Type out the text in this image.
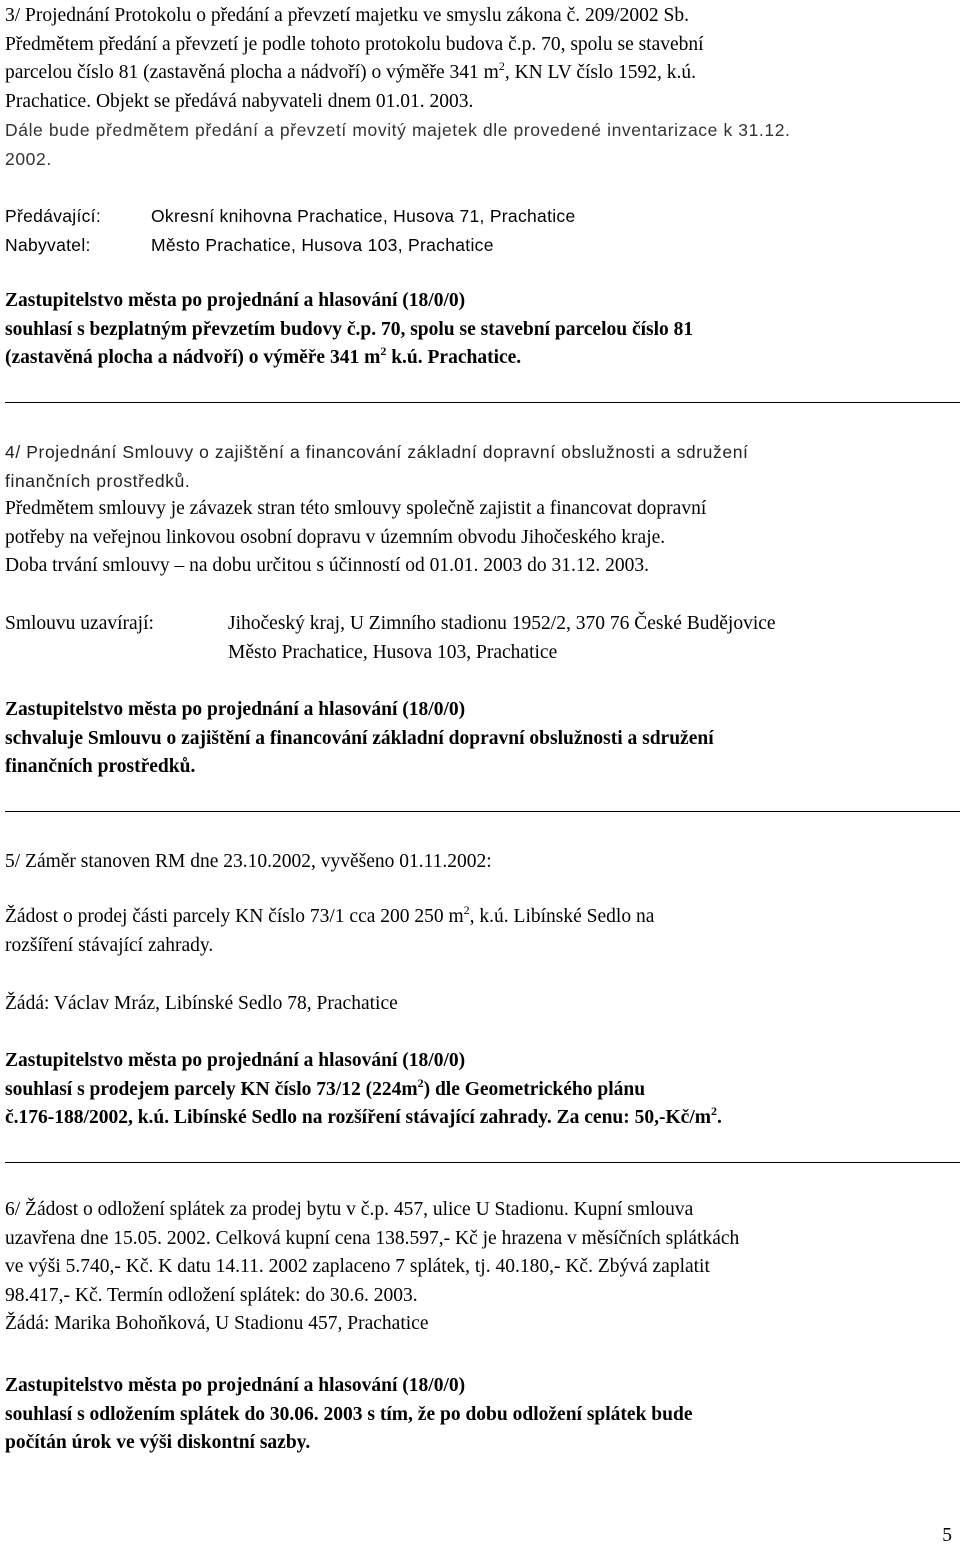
3/ Projednání Protokolu o předání a převzetí majetku ve smyslu zákona č. 209/2002 Sb.

Předmětem předání a převzetí je podle tohoto protokolu budova č.p. 70, spolu se stavební

parcelou číslo 81 (zastavěná plocha a nádvoří) o výměře 341 $m^2$, KN LV číslo 1592, k.ú.

Prachatice. Objekt se předává nabyvateli dnem 01.01. 2003.

Dále bude předmětem předání a převzetí movitý majetek dle provedené inventarizace k 31.12.

2002.

Předávající:	Okresní knihovna Prachatice, Husova 71, Prachatice
Nabyvatel:	Město Prachatice, Husova 103, Prachatice

Zastupitelstvo města po projednání a hlasování (18/0/0)

souhlasí s bezplatným převzetím budovy č.p. 70, spolu se stavební parcelou číslo 81

(zastavěná plocha a nádvoří) o výměře 341 $m^2$ k.ú. Prachatice.

4/ Projednání Smlouvy o zajištění a financování základní dopravní obslužnosti a sdružení

finančních prostředků.

Předmětem smlouvy je závazek stran této smlouvy společně zajistit a financovat dopravní

potřeby na veřejnou linkovou osobní dopravu v územním obvodu Jihočeského kraje.

Doba trvání smlouvy – na dobu určitou s účinností od 01.01. 2003 do 31.12. 2003.

Smlouvu uzavírají:	Jihočeský kraj, U Zimního stadionu 1952/2, 370 76 České Budějovice
Město Prachatice, Husova 103, Prachatice

Zastupitelstvo města po projednání a hlasování (18/0/0)

schvaluje Smlouvu o zajištění a financování základní dopravní obslužnosti a sdružení

finančních prostředků.

5/ Záměr stanoven RM dne 23.10.2002, vyvěšeno 01.11.2002:

Žádost o prodej části parcely KN číslo 73/1 cca 200 250 $m^2$, k.ú. Libínské Sedlo na

rozšíření stávající zahrady.

Žádá: Václav Mráz, Libínské Sedlo 78, Prachatice

Zastupitelstvo města po projednání a hlasování (18/0/0)

souhlasí s prodejem parcely KN číslo 73/12 $(224m^2)$ dle Geometrického plánu

č.176-188/2002, k.ú. Libínské Sedlo na rozšíření stávající zahrady. Za cenu: $50,-Kč/m^2$.

6/ Žádost o odložení splátek za prodej bytu v č.p. 457, ulice U Stadionu. Kupní smlouva

uzavřena dne 15.05. 2002. Celková kupní cena 138.597,- Kč je hrazena v měsíčních splátkách

ve výši 5.740,- Kč. K datu 14.11. 2002 zaplaceno 7 splátek, tj. 40.180,- Kč. Zbývá zaplatit

98.417,- Kč. Termín odložení splátek: do 30.6. 2003.

Žádá: Marika Bohoňková, U Stadionu 457, Prachatice

Zastupitelstvo města po projednání a hlasování (18/0/0)

souhlasí s odložením splátek do 30.06. 2003 s tím, že po dobu odložení splátek bude

počítán úrok ve výši diskontní sazby.

5
